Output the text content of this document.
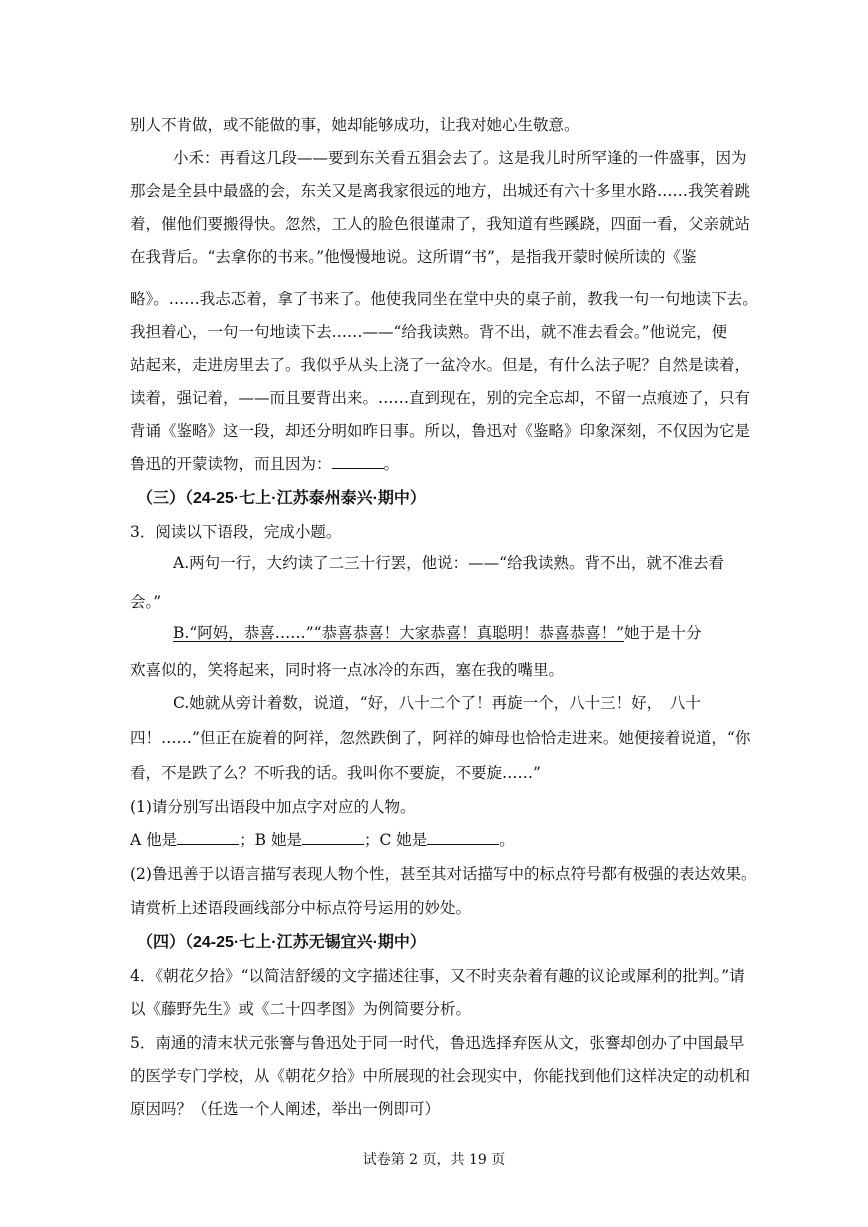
别人不肯做，或不能做的事，她却能够成功，让我对她心生敬意。
小禾：再看这几段——要到东关看五猖会去了。这是我儿时所罕逢的一件盛事，因为
那会是全县中最盛的会，东关又是离我家很远的地方，出城还有六十多里水路……我笑着跳
着，催他们要搬得快。忽然，工人的脸色很谨肃了，我知道有些蹊跷，四面一看，父亲就站
在我背后。“去拿你的书来。”他慢慢地说。这所谓“书”，是指我开蒙时候所读的《鉴
略》。……我忐忑着，拿了书来了。他使我同坐在堂中央的桌子前，教我一句一句地读下去。
我担着心，一句一句地读下去……——“给我读熟。背不出，就不准去看会。”他说完，便
站起来，走进房里去了。我似乎从头上浇了一盆冷水。但是，有什么法子呢？自然是读着，
读着，强记着，——而且要背出来。……直到现在，别的完全忘却，不留一点痕迹了，只有
背诵《鉴略》这一段，却还分明如昨日事。所以，鲁迅对《鉴略》印象深刻，不仅因为它是
鲁迅的开蒙读物，而且因为：	。
（三）（24-25·七上·江苏泰州泰兴·期中）
3．阅读以下语段，完成小题。
A.两句一行，大约读了二三十行罢，他说：——“给我读熟。背不出，就不准去看
会。”
B.“阿妈，恭喜……”“恭喜恭喜！大家恭喜！真聪明！恭喜恭喜！”她于是十分
欢喜似的，笑将起来，同时将一点冰冷的东西，塞在我的嘴里。
C.她就从旁计着数，说道，“好，八十二个了！再旋一个，八十三！好，　八十
四！……”但正在旋着的阿祥，忽然跌倒了，阿祥的婶母也恰恰走进来。她便接着说道，“你
看，不是跌了么？不听我的话。我叫你不要旋，不要旋……”
(1)请分别写出语段中加点字对应的人物。
A 他是	；B 她是	；C 她是	。
(2)鲁迅善于以语言描写表现人物个性，甚至其对话描写中的标点符号都有极强的表达效果。
请赏析上述语段画线部分中标点符号运用的妙处。
（四）（24-25·七上·江苏无锡宜兴·期中）
4．《朝花夕拾》“以简洁舒缓的文字描述往事，又不时夹杂着有趣的议论或犀利的批判。”请
以《藤野先生》或《二十四孝图》为例简要分析。
5．南通的清末状元张謇与鲁迅处于同一时代，鲁迅选择弃医从文，张謇却创办了中国最早
的医学专门学校，从《朝花夕拾》中所展现的社会现实中，你能找到他们这样决定的动机和
原因吗？（任选一个人阐述，举出一例即可）
试卷第 2 页，共 19 页
